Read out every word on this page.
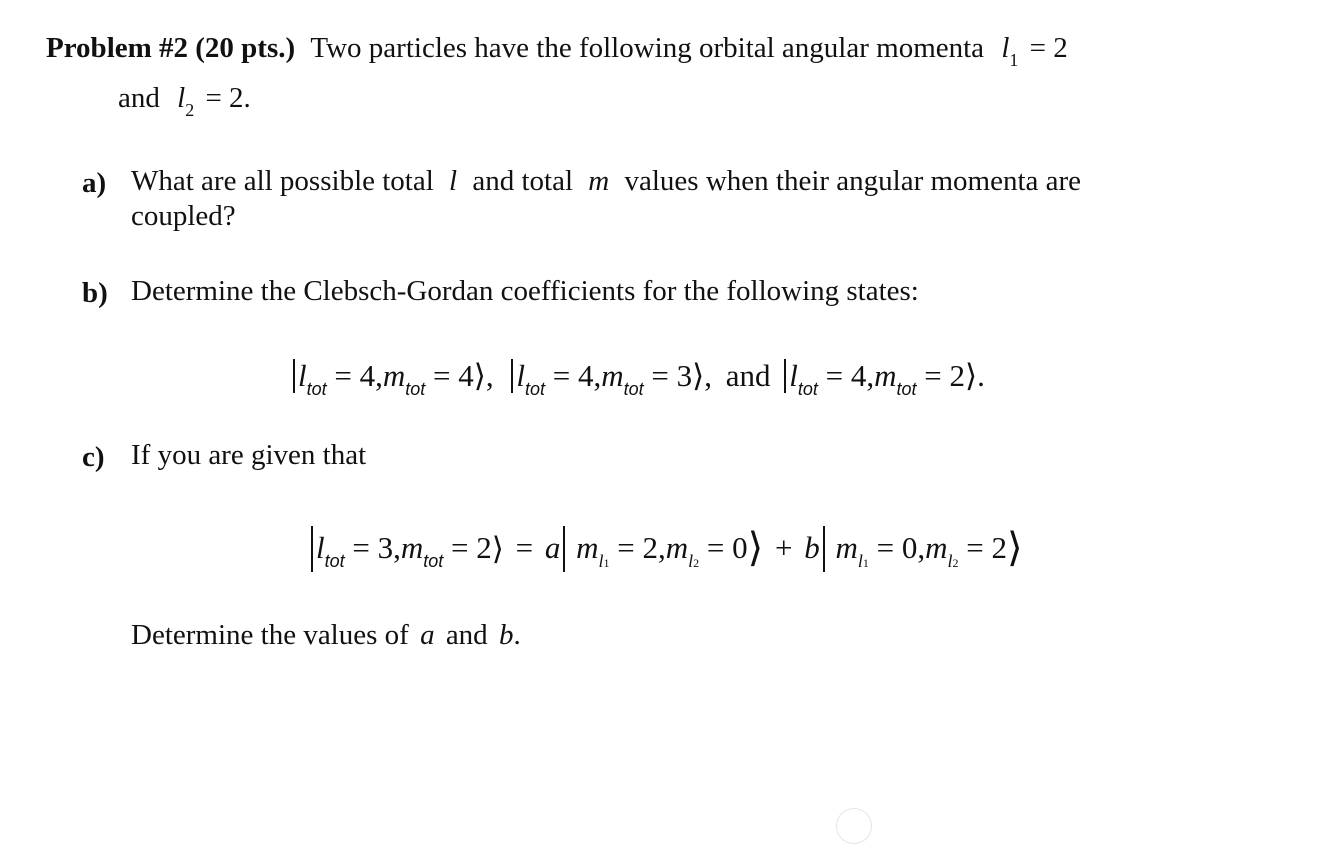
Problem #2 (20 pts.) Two particles have the following orbital angular momenta $l_1 = 2$
and $l_2 = 2$.
a) What are all possible total l and total m values when their angular momenta are
coupled?
b) Determine the Clebsch-Gordan coefficients for the following states:
$l_{tot} = 4,m_{tot}$ = 4⟩, $l_{tot} = 4,m_{tot}$ = 3⟩, and $l_{tot} = 4,m_{tot}$ = 2⟩.
c) If you are given that
$l_{tot} = 3,m_{tot}$ = 2⟩ = a $m_{l1} = 2,m_{l2}$ = 0⟩ + b $m_{l1} = 0,m_{l2}$ = 2⟩
Determine the values of a and b.
